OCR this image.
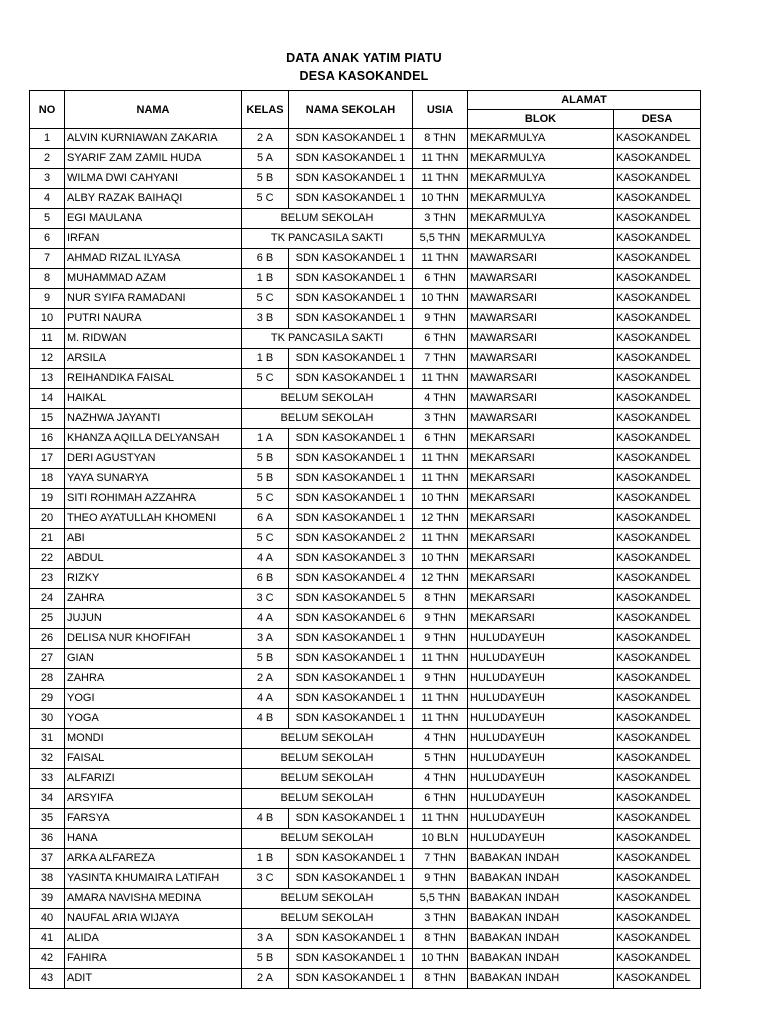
DATA ANAK YATIM PIATU
DESA KASOKANDEL
NO	NAMA	KELAS	NAMA SEKOLAH	USIA	ALAMAT	
					BLOK	DESA
1	ALVIN KURNIAWAN ZAKARIA	2 A	SDN KASOKANDEL 1	8 THN	MEKARMULYA	KASOKANDEL
2	SYARIF ZAM ZAMIL HUDA	5 A	SDN KASOKANDEL 1	11 THN	MEKARMULYA	KASOKANDEL
3	WILMA DWI CAHYANI	5 B	SDN KASOKANDEL 1	11 THN	MEKARMULYA	KASOKANDEL
4	ALBY RAZAK BAIHAQI	5 C	SDN KASOKANDEL 1	10 THN	MEKARMULYA	KASOKANDEL
5	EGI MAULANA	BELUM SEKOLAH		3 THN	MEKARMULYA	KASOKANDEL
6	IRFAN	TK PANCASILA SAKTI		5,5 THN	MEKARMULYA	KASOKANDEL
7	AHMAD RIZAL ILYASA	6 B	SDN KASOKANDEL 1	11 THN	MAWARSARI	KASOKANDEL
8	MUHAMMAD AZAM	1 B	SDN KASOKANDEL 1	6 THN	MAWARSARI	KASOKANDEL
9	NUR SYIFA RAMADANI	5 C	SDN KASOKANDEL 1	10 THN	MAWARSARI	KASOKANDEL
10	PUTRI NAURA	3 B	SDN KASOKANDEL 1	9 THN	MAWARSARI	KASOKANDEL
11	M. RIDWAN	TK PANCASILA SAKTI		6 THN	MAWARSARI	KASOKANDEL
12	ARSILA	1 B	SDN KASOKANDEL 1	7 THN	MAWARSARI	KASOKANDEL
13	REIHANDIKA FAISAL	5 C	SDN KASOKANDEL 1	11 THN	MAWARSARI	KASOKANDEL
14	HAIKAL	BELUM SEKOLAH		4 THN	MAWARSARI	KASOKANDEL
15	NAZHWA JAYANTI	BELUM SEKOLAH		3 THN	MAWARSARI	KASOKANDEL
16	KHANZA AQILLA DELYANSAH	1 A	SDN KASOKANDEL 1	6 THN	MEKARSARI	KASOKANDEL
17	DERI AGUSTYAN	5 B	SDN KASOKANDEL 1	11 THN	MEKARSARI	KASOKANDEL
18	YAYA SUNARYA	5 B	SDN KASOKANDEL 1	11 THN	MEKARSARI	KASOKANDEL
19	SITI ROHIMAH AZZAHRA	5 C	SDN KASOKANDEL 1	10 THN	MEKARSARI	KASOKANDEL
20	THEO AYATULLAH KHOMENI	6 A	SDN KASOKANDEL 1	12 THN	MEKARSARI	KASOKANDEL
21	ABI	5 C	SDN KASOKANDEL 2	11 THN	MEKARSARI	KASOKANDEL
22	ABDUL	4 A	SDN KASOKANDEL 3	10 THN	MEKARSARI	KASOKANDEL
23	RIZKY	6 B	SDN KASOKANDEL 4	12 THN	MEKARSARI	KASOKANDEL
24	ZAHRA	3 C	SDN KASOKANDEL 5	8 THN	MEKARSARI	KASOKANDEL
25	JUJUN	4 A	SDN KASOKANDEL 6	9 THN	MEKARSARI	KASOKANDEL
26	DELISA NUR KHOFIFAH	3 A	SDN KASOKANDEL 1	9 THN	HULUDAYEUH	KASOKANDEL
27	GIAN	5 B	SDN KASOKANDEL 1	11 THN	HULUDAYEUH	KASOKANDEL
28	ZAHRA	2 A	SDN KASOKANDEL 1	9 THN	HULUDAYEUH	KASOKANDEL
29	YOGI	4 A	SDN KASOKANDEL 1	11 THN	HULUDAYEUH	KASOKANDEL
30	YOGA	4 B	SDN KASOKANDEL 1	11 THN	HULUDAYEUH	KASOKANDEL
31	MONDI	BELUM SEKOLAH		4 THN	HULUDAYEUH	KASOKANDEL
32	FAISAL	BELUM SEKOLAH		5 THN	HULUDAYEUH	KASOKANDEL
33	ALFARIZI	BELUM SEKOLAH		4 THN	HULUDAYEUH	KASOKANDEL
34	ARSYIFA	BELUM SEKOLAH		6 THN	HULUDAYEUH	KASOKANDEL
35	FARSYA	4 B	SDN KASOKANDEL 1	11 THN	HULUDAYEUH	KASOKANDEL
36	HANA	BELUM SEKOLAH		10 BLN	HULUDAYEUH	KASOKANDEL
37	ARKA ALFAREZA	1 B	SDN KASOKANDEL 1	7 THN	BABAKAN INDAH	KASOKANDEL
38	YASINTA KHUMAIRA LATIFAH	3 C	SDN KASOKANDEL 1	9 THN	BABAKAN INDAH	KASOKANDEL
39	AMARA NAVISHA MEDINA	BELUM SEKOLAH		5,5 THN	BABAKAN INDAH	KASOKANDEL
40	NAUFAL ARIA WIJAYA	BELUM SEKOLAH		3 THN	BABAKAN INDAH	KASOKANDEL
41	ALIDA	3 A	SDN KASOKANDEL 1	8 THN	BABAKAN INDAH	KASOKANDEL
42	FAHIRA	5 B	SDN KASOKANDEL 1	10 THN	BABAKAN INDAH	KASOKANDEL
43	ADIT	2 A	SDN KASOKANDEL 1	8 THN	BABAKAN INDAH	KASOKANDEL
